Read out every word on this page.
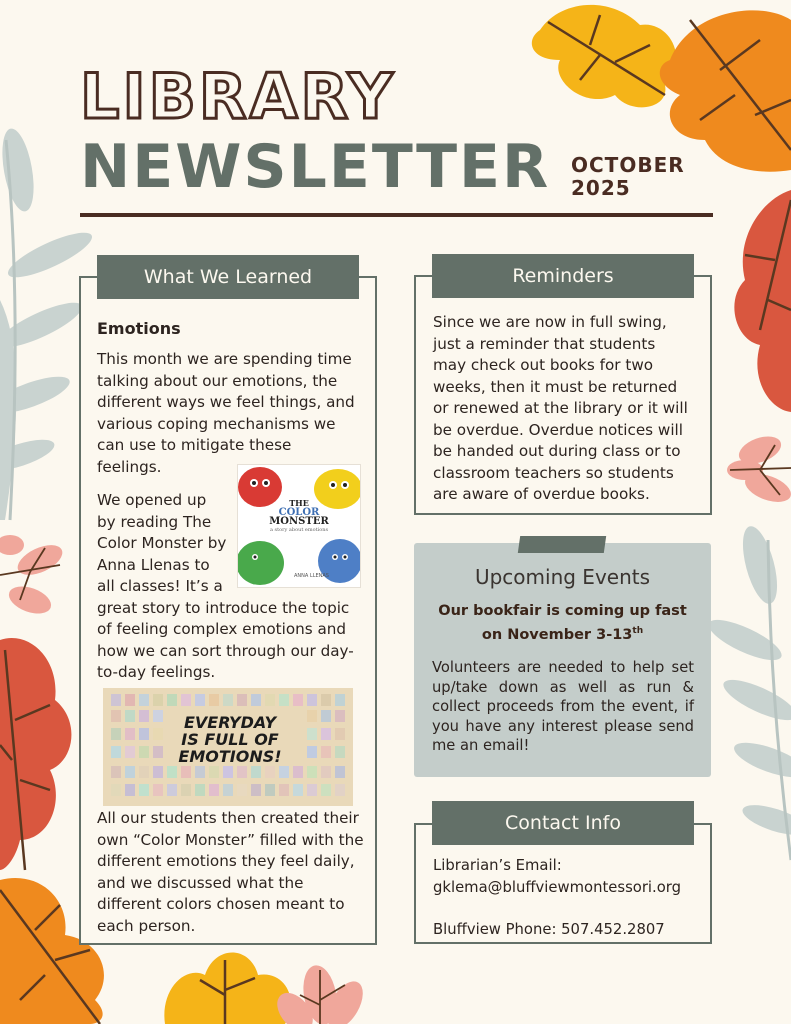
LIBRARY
NEWSLETTER OCTOBER
2025
What We Learned
Emotions
This month we are spending time
talking about our emotions, the
different ways we feel things, and
various coping mechanisms we
can use to mitigate these
feelings.
We opened up
by reading The
Color Monster by
Anna Llenas to
all classes! It’s a
great story to introduce the topic
of feeling complex emotions and
how we can sort through our day-
to-day feelings.
THE
COLOR
MONSTER
a story about emotions
ANNA LLENAS
EVERYDAY
IS FULL OF
EMOTIONS!
All our students then created their
own “Color Monster” filled with the
different emotions they feel daily,
and we discussed what the
different colors chosen meant to
each person.
Reminders
Since we are now in full swing,
just a reminder that students
may check out books for two
weeks, then it must be returned
or renewed at the library or it will
be overdue. Overdue notices will
be handed out during class or to
classroom teachers so students
are aware of overdue books.
Upcoming Events
Our bookfair is coming up fast
on November 3-13th
Volunteers are needed to help set up/take down as well as run & collect proceeds from the event, if you have any interest please send me an email!
Contact Info
Librarian’s Email:
gklema@bluffviewmontessori.org
Bluffview Phone: 507.452.2807
